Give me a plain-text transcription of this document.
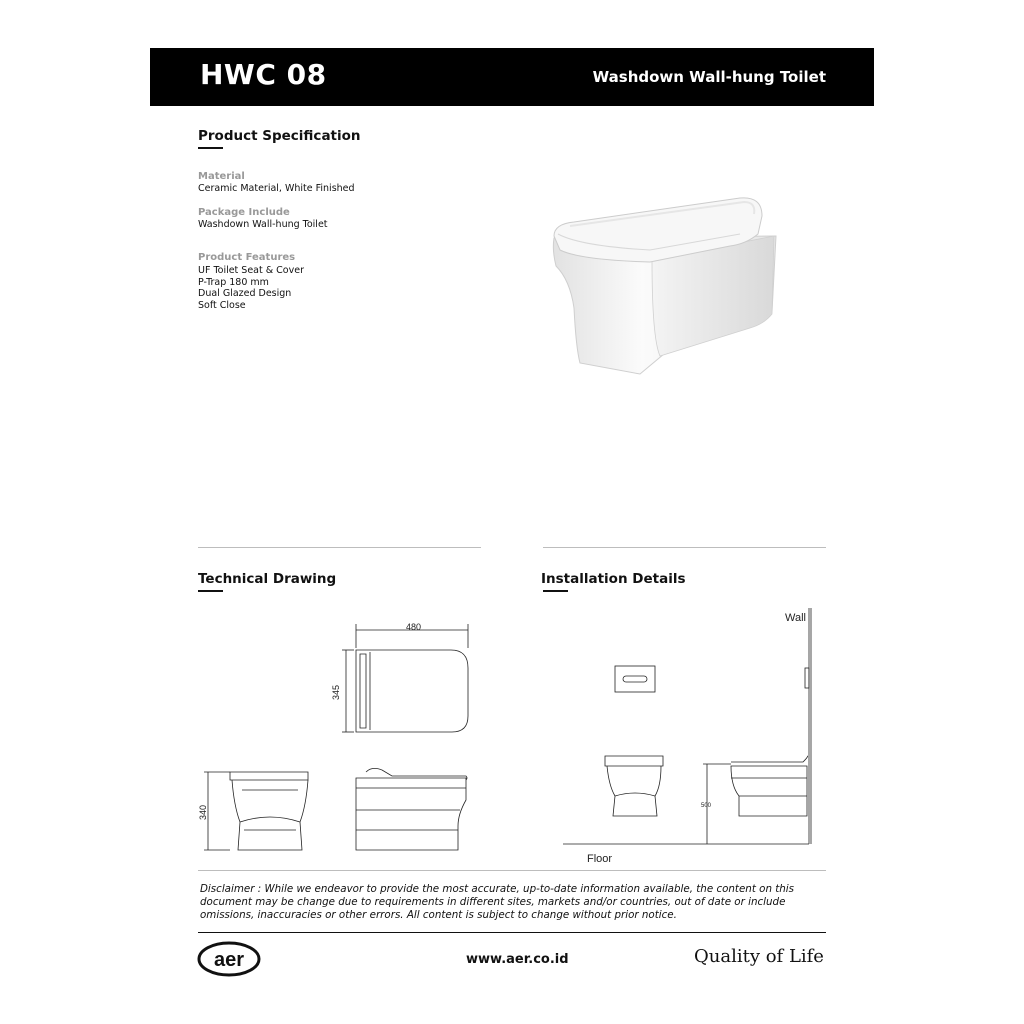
HWC 08	Washdown Wall-hung Toilet
Product Specification
Material
Ceramic Material, White Finished
Package Include
Washdown Wall-hung Toilet
Product Features
UF Toilet Seat & Cover
P-Trap 180 mm
Dual Glazed Design
Soft Close
Technical Drawing	Installation Details
480
345
340
Wall
Floor
500
Disclaimer : While we endeavor to provide the most accurate, up-to-date information available, the content on this document may be change due to requirements in different sites, markets and/or countries, out of date or include omissions, inaccuracies or other errors. All content is subject to change without prior notice.
aer	www.aer.co.id	Quality of Life
